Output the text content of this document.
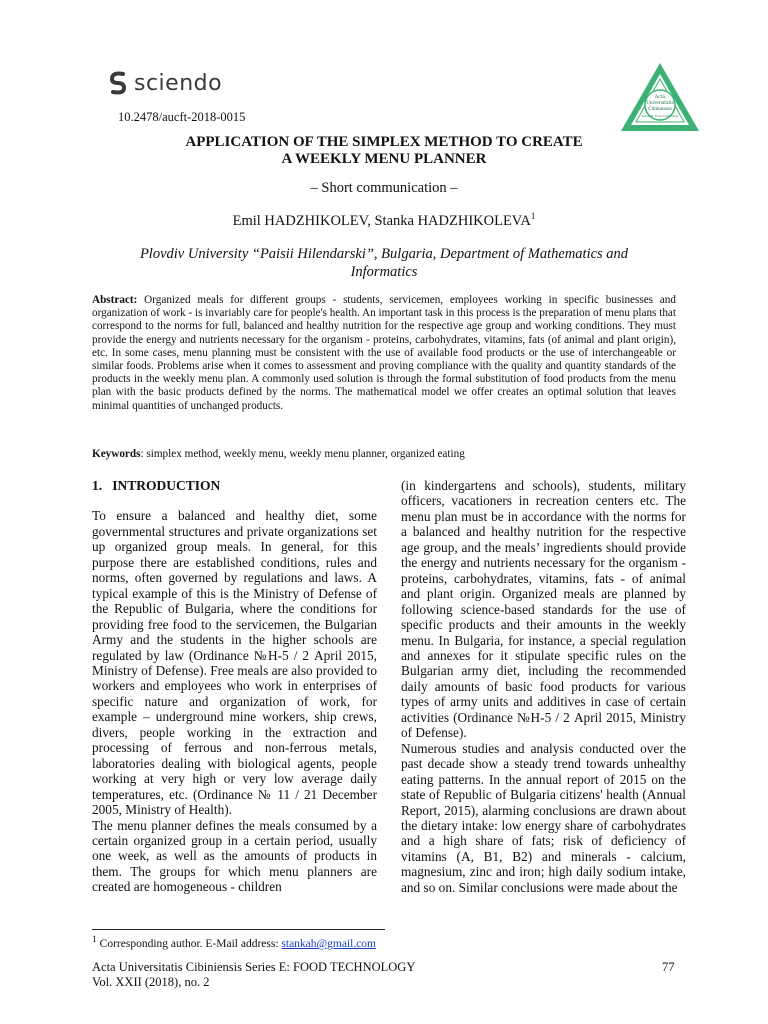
sciendo
Acta
Universitatis
Cibiniensis
Series E: Food technology
10.2478/aucft-2018-0015
APPLICATION OF THE SIMPLEX METHOD TO CREATE
A WEEKLY MENU PLANNER
– Short communication –
Emil HADZHIKOLEV, Stanka HADZHIKOLEVA$^1$
Plovdiv University “Paisii Hilendarski”, Bulgaria, Department of Mathematics and Informatics
Abstract: Organized meals for different groups - students, servicemen, employees working in specific businesses and organization of work - is invariably care for people's health. An important task in this process is the preparation of menu plans that correspond to the norms for full, balanced and healthy nutrition for the respective age group and working conditions. They must provide the energy and nutrients necessary for the organism - proteins, carbohydrates, vitamins, fats (of animal and plant origin), etc. In some cases, menu planning must be consistent with the use of available food products or the use of interchangeable or similar foods. Problems arise when it comes to assessment and proving compliance with the quality and quantity standards of the products in the weekly menu plan. A commonly used solution is through the formal substitution of food products from the menu plan with the basic products defined by the norms. The mathematical model we offer creates an optimal solution that leaves minimal quantities of unchanged products.
Keywords: simplex method, weekly menu, weekly menu planner, organized eating

1. INTRODUCTION

To ensure a balanced and healthy diet, some governmental structures and private organizations set up organized group meals. In general, for this purpose there are established conditions, rules and norms, often governed by regulations and laws. A typical example of this is the Ministry of Defense of the Republic of Bulgaria, where the conditions for providing free food to the servicemen, the Bulgarian Army and the students in the higher schools are regulated by law (Ordinance №Н-5 / 2 April 2015, Ministry of Defense). Free meals are also provided to workers and employees who work in enterprises of specific nature and organization of work, for example – underground mine workers, ship crews, divers, people working in the extraction and processing of ferrous and non-ferrous metals, laboratories dealing with biological agents, people working at very high or very low average daily temperatures, etc. (Ordinance № 11 / 21 December 2005, Ministry of Health).

The menu planner defines the meals consumed by a certain organized group in a certain period, usually one week, as well as the amounts of products in them. The groups for which menu planners are created are homogeneous - children

(in kindergartens and schools), students, military officers, vacationers in recreation centers etc. The menu plan must be in accordance with the norms for a balanced and healthy nutrition for the respective age group, and the meals’ ingredients should provide the energy and nutrients necessary for the organism - proteins, carbohydrates, vitamins, fats - of animal and plant origin. Organized meals are planned by following science-based standards for the use of specific products and their amounts in the weekly menu. In Bulgaria, for instance, a special regulation and annexes for it stipulate specific rules on the Bulgarian army diet, including the recommended daily amounts of basic food products for various types of army units and additives in case of certain activities (Ordinance №Н-5 / 2 April 2015, Ministry of Defense).

Numerous studies and analysis conducted over the past decade show a steady trend towards unhealthy eating patterns. In the annual report of 2015 on the state of Republic of Bulgaria citizens' health (Annual Report, 2015), alarming conclusions are drawn about the dietary intake: low energy share of carbohydrates and a high share of fats; risk of deficiency of vitamins (A, B1, B2) and minerals - calcium, magnesium, zinc and iron; high daily sodium intake, and so on. Similar conclusions were made about the

$^1$ Corresponding author. E-Mail address: stankah@gmail.com
Acta Universitatis Cibiniensis Series E: FOOD TECHNOLOGY
Vol. XXII (2018), no. 2
77
